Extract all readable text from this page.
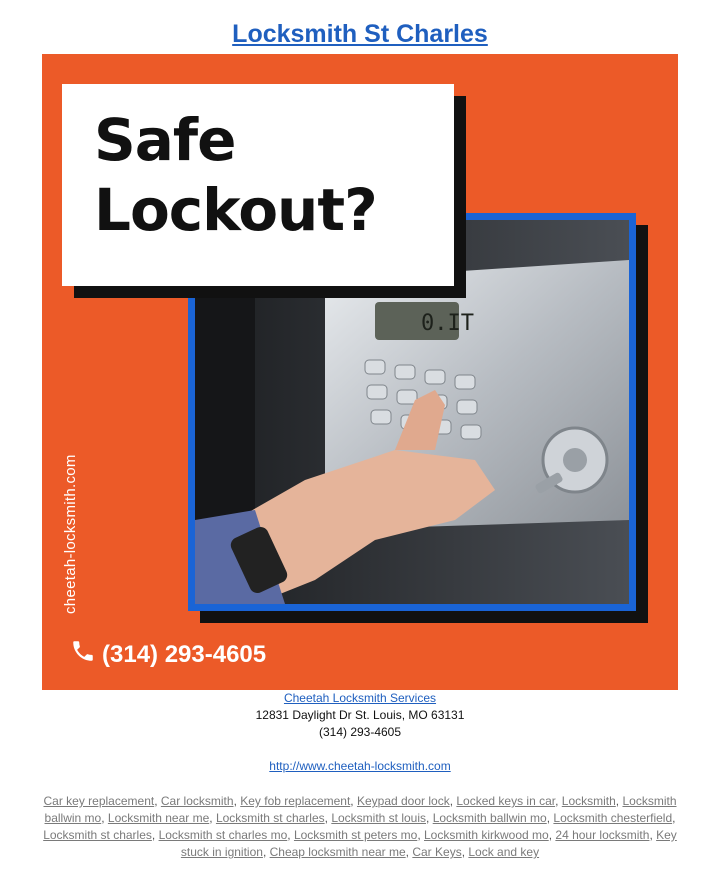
Locksmith St Charles
0.IT
Safe
Lockout?
cheetah-locksmith.com
(314) 293-4605
Cheetah Locksmith Services
12831 Daylight Dr St. Louis, MO 63131
(314) 293-4605
http://www.cheetah-locksmith.com
Car key replacement, Car locksmith, Key fob replacement, Keypad door lock, Locked keys in car, Locksmith, Locksmith ballwin mo, Locksmith near me, Locksmith st charles, Locksmith st louis, Locksmith ballwin mo, Locksmith chesterfield, Locksmith st charles, Locksmith st charles mo, Locksmith st peters mo, Locksmith kirkwood mo, 24 hour locksmith, Key stuck in ignition, Cheap locksmith near me, Car Keys, Lock and key
